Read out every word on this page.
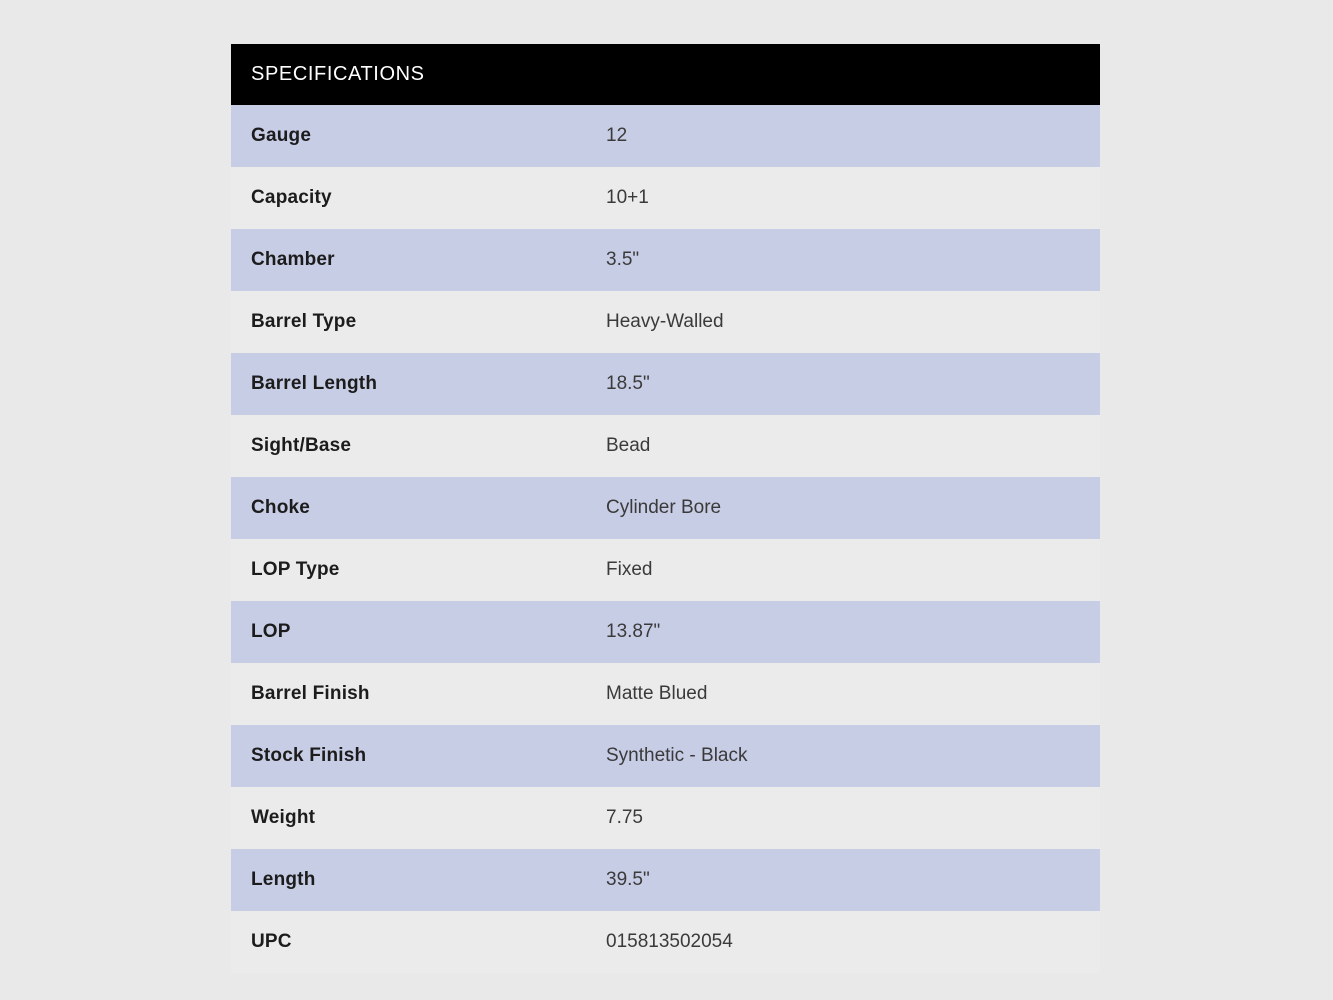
SPECIFICATIONS
Gauge	12
Capacity	10+1
Chamber	3.5"
Barrel Type	Heavy-Walled
Barrel Length	18.5"
Sight/Base	Bead
Choke	Cylinder Bore
LOP Type	Fixed
LOP	13.87"
Barrel Finish	Matte Blued
Stock Finish	Synthetic - Black
Weight	7.75
Length	39.5"
UPC	015813502054
